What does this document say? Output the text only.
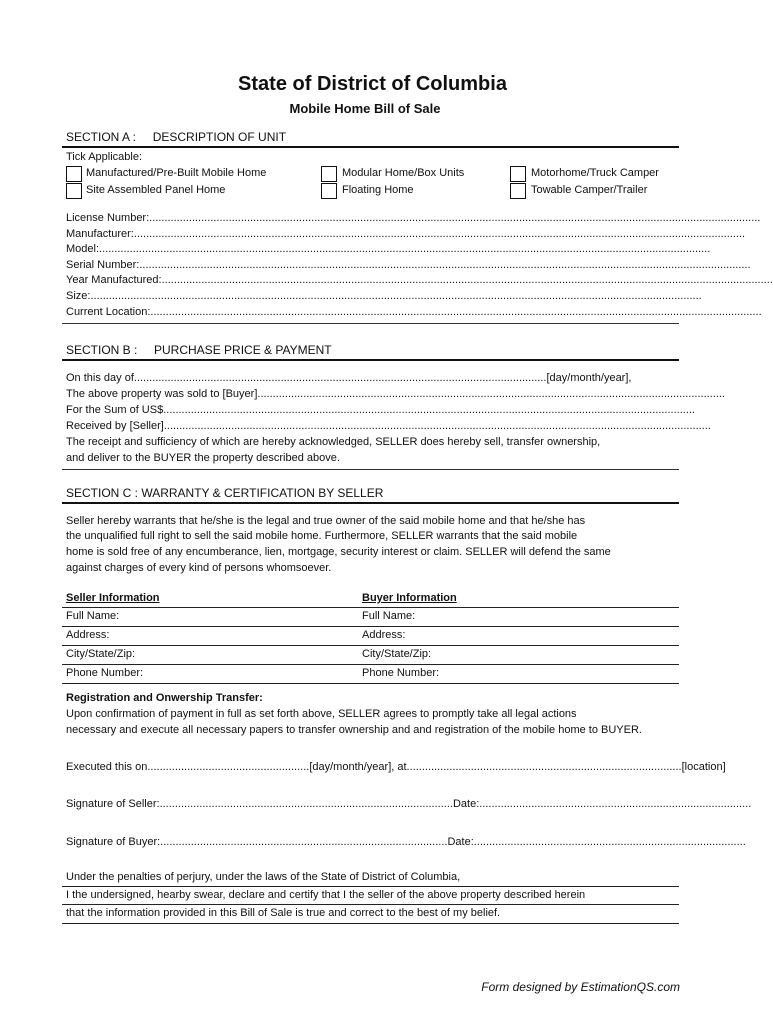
State of District of Columbia
Mobile Home Bill of Sale
SECTION A :     DESCRIPTION OF UNIT
Tick Applicable:
Manufactured/Pre-Built Mobile Home
Site Assembled Panel Home
Modular Home/Box Units
Floating Home
Motorhome/Truck Camper
Towable Camper/Trailer
License Number:........................................................................................................................................................................................................
Manufacturer:........................................................................................................................................................................................................
Model:........................................................................................................................................................................................................
Serial Number:........................................................................................................................................................................................................
Year Manufactured:........................................................................................................................................................................................................
Size:........................................................................................................................................................................................................
Current Location:........................................................................................................................................................................................................
SECTION B :     PURCHASE PRICE & PAYMENT
On this day of.......................................................................................................................................[day/month/year],
The above property was sold to [Buyer].........................................................................................................................................................
For the Sum of US$..............................................................................................................................................................................
Received by [Seller]...................................................................................................................................................................................
The receipt and sufficiency of which are hereby acknowledged, SELLER does hereby sell, transfer ownership,
and deliver to the BUYER the property described above.
SECTION C : WARRANTY & CERTIFICATION BY SELLER
Seller hereby warrants that he/she is the legal and true owner of the said mobile home and that he/she has
the unqualified full right to sell the said mobile home. Furthermore, SELLER warrants that the said mobile
home is sold free of any encumberance, lien, mortgage, security interest or claim. SELLER will defend the same
against charges of every kind of persons whomsoever.
Seller Information	Buyer Information
Full Name:	Full Name:
Address:	Address:
City/State/Zip:	City/State/Zip:
Phone Number:	Phone Number:
Registration and Onwership Transfer:
Upon confirmation of payment in full as set forth above, SELLER agrees to promptly take all legal actions
necessary and execute all necessary papers to transfer ownership and and registration of the mobile home to BUYER.
Executed this on.....................................................[day/month/year], at..........................................................................................[location]
Signature of Seller:................................................................................................Date:.........................................................................................
Signature of Buyer:..............................................................................................Date:.........................................................................................
Under the penalties of perjury, under the laws of the State of District of Columbia,
I the undersigned, hearby swear, declare and certify that I the seller of the above property described herein
that the information provided in this Bill of Sale is true and correct to the best of my belief.
Form designed by EstimationQS.com
